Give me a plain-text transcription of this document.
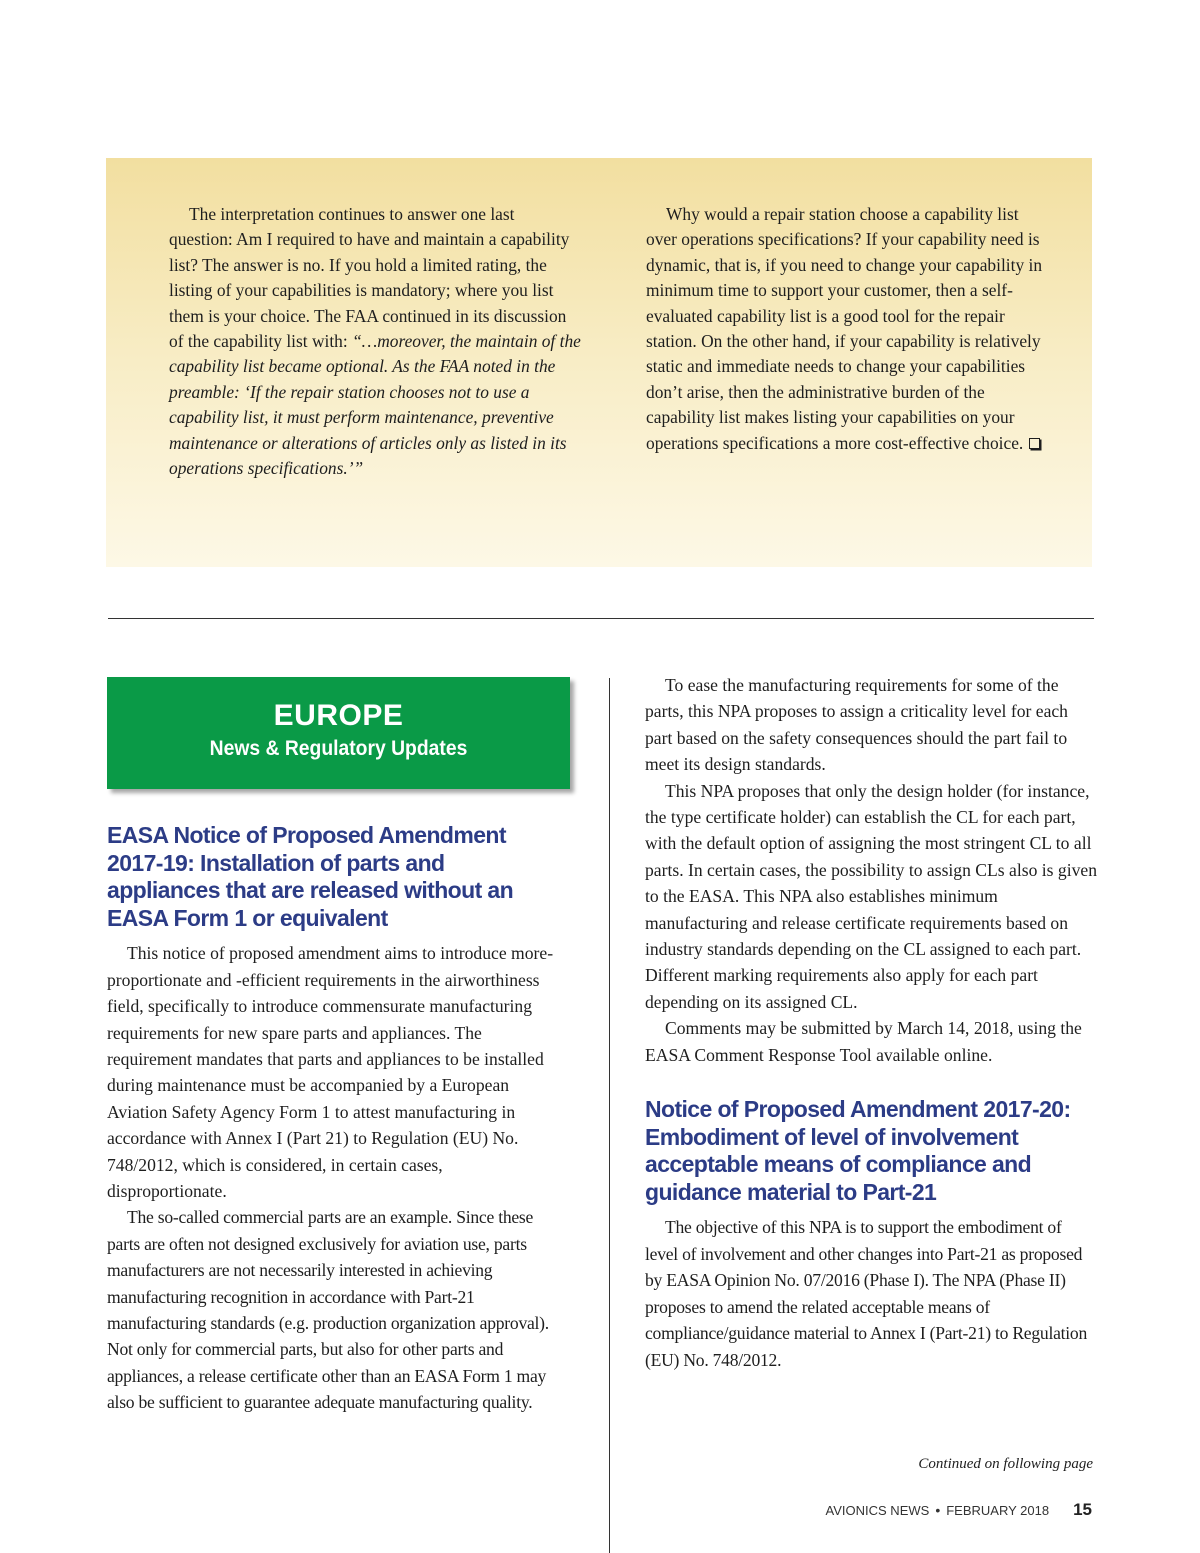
The interpretation continues to answer one last question: Am I required to have and maintain a capability list? The answer is no. If you hold a limited rating, the listing of your capabilities is mandatory; where you list them is your choice. The FAA continued in its discussion of the capability list with: “…moreover, the maintain of the capability list became optional. As the FAA noted in the preamble: ‘If the repair station chooses not to use a capability list, it must perform maintenance, preventive maintenance or alterations of articles only as listed in its operations specifications.’”

Why would a repair station choose a capability list over operations specifications? If your capability need is dynamic, that is, if you need to change your capability in minimum time to support your customer, then a self-evaluated capability list is a good tool for the repair station. On the other hand, if your capability is relatively static and immediate needs to change your capabilities don’t arise, then the administrative burden of the capability list makes listing your capabilities on your operations specifications a more cost-effective choice.

EUROPE
News & Regulatory Updates
EASA Notice of Proposed Amendment 2017-19: Installation of parts and appliances that are released without an EASA Form 1 or equivalent

This notice of proposed amendment aims to introduce more-proportionate and -efficient requirements in the airworthiness field, specifically to introduce commensurate manufacturing requirements for new spare parts and appliances. The requirement mandates that parts and appliances to be installed during maintenance must be accompanied by a European Aviation Safety Agency Form 1 to attest manufacturing in accordance with Annex I (Part 21) to Regulation (EU) No. 748/2012, which is considered, in certain cases, disproportionate.

The so-called commercial parts are an example. Since these parts are often not designed exclusively for aviation use, parts manufacturers are not necessarily interested in achieving manufacturing recognition in accordance with Part-21 manufacturing standards (e.g. production organization approval). Not only for commercial parts, but also for other parts and appliances, a release certificate other than an EASA Form 1 may also be sufficient to guarantee adequate manufacturing quality.

To ease the manufacturing requirements for some of the parts, this NPA proposes to assign a criticality level for each part based on the safety consequences should the part fail to meet its design standards.

This NPA proposes that only the design holder (for instance, the type certificate holder) can establish the CL for each part, with the default option of assigning the most stringent CL to all parts. In certain cases, the possibility to assign CLs also is given to the EASA. This NPA also establishes minimum manufacturing and release certificate requirements based on industry standards depending on the CL assigned to each part. Different marking requirements also apply for each part depending on its assigned CL.

Comments may be submitted by March 14, 2018, using the EASA Comment Response Tool available online.

Notice of Proposed Amendment 2017-20: Embodiment of level of involvement acceptable means of compliance and guidance material to Part-21

The objective of this NPA is to support the embodiment of level of involvement and other changes into Part-21 as proposed by EASA Opinion No. 07/2016 (Phase I). The NPA (Phase II) proposes to amend the related acceptable means of compliance/guidance material to Annex I (Part-21) to Regulation (EU) No. 748/2012.

Continued on following page
AVIONICS NEWS • FEBRUARY 2018 15
